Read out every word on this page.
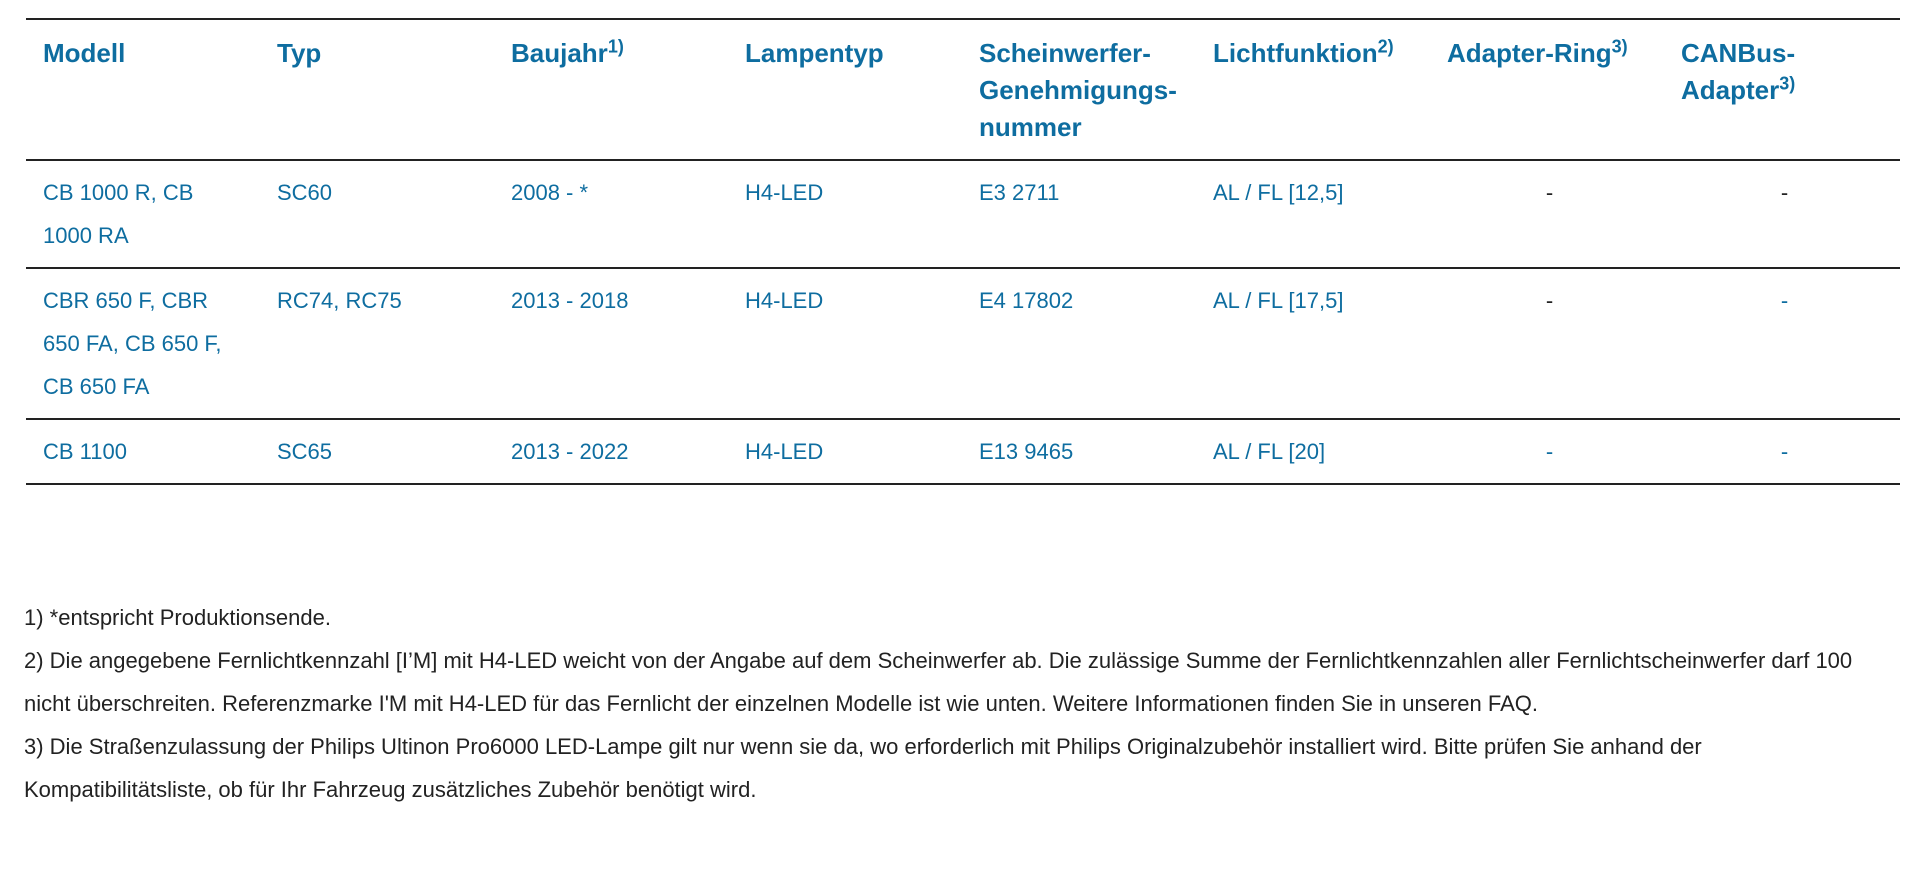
Modell	Typ	Baujahr$^{1)}$	Lampentyp	Scheinwerfer-Genehmigungs-nummer	Lichtfunktion$^{2)}$	Adapter-Ring$^{3)}$	CANBus-Adapter$^{3)}$
CB 1000 R, CB 1000 RA	SC60	2008 - *	H4-LED	E3 2711	AL / FL [12,5]	-	-
CBR 650 F, CBR 650 FA, CB 650 F, CB 650 FA	RC74, RC75	2013 - 2018	H4-LED	E4 17802	AL / FL [17,5]	-	-
CB 1100	SC65	2013 - 2022	H4-LED	E13 9465	AL / FL [20]	-	-

1) *entspricht Produktionsende.

2) Die angegebene Fernlichtkennzahl [I’M] mit H4-LED weicht von der Angabe auf dem Scheinwerfer ab. Die zulässige Summe der Fernlichtkennzahlen aller Fernlichtscheinwerfer darf 100 nicht überschreiten. Referenzmarke I'M mit H4-LED für das Fernlicht der einzelnen Modelle ist wie unten. Weitere Informationen finden Sie in unseren FAQ.

3) Die Straßenzulassung der Philips Ultinon Pro6000 LED-Lampe gilt nur wenn sie da, wo erforderlich mit Philips Originalzubehör installiert wird. Bitte prüfen Sie anhand der Kompatibilitätsliste, ob für Ihr Fahrzeug zusätzliches Zubehör benötigt wird.
